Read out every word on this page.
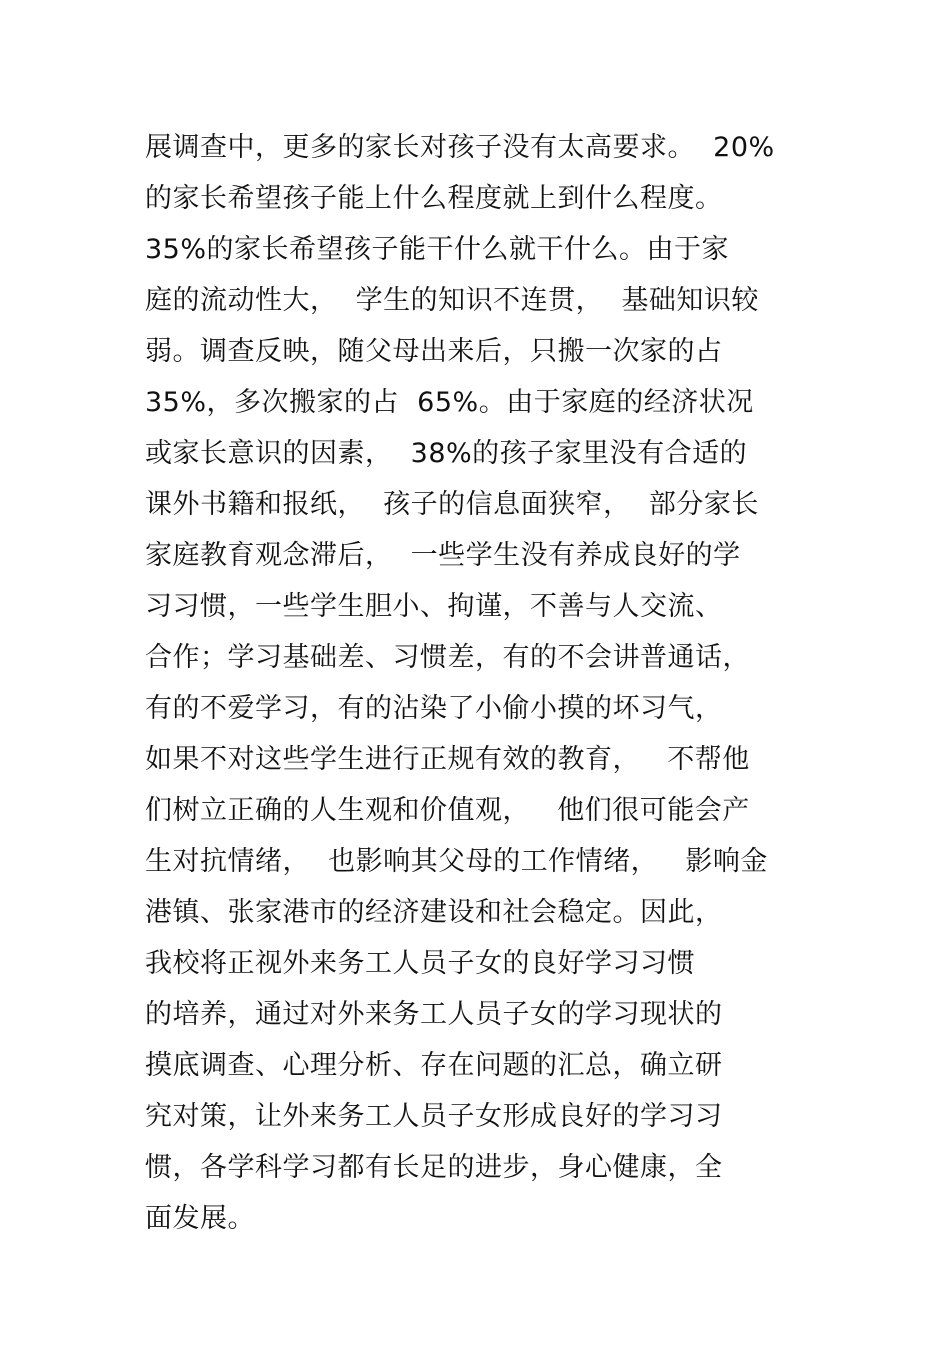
展调查中，更多的家长对孩子没有太高要求。  20%
的家长希望孩子能上什么程度就上到什么程度。
35%的家长希望孩子能干什么就干什么。由于家
庭的流动性大，  学生的知识不连贯，  基础知识较
弱。调查反映，随父母出来后，只搬一次家的占
35%，多次搬家的占  65%。由于家庭的经济状况
或家长意识的因素，  38%的孩子家里没有合适的
课外书籍和报纸，  孩子的信息面狭窄，  部分家长
家庭教育观念滞后，  一些学生没有养成良好的学
习习惯，一些学生胆小、拘谨，不善与人交流、
合作；学习基础差、习惯差，有的不会讲普通话，
有的不爱学习，有的沾染了小偷小摸的坏习气，
如果不对这些学生进行正规有效的教育，   不帮他
们树立正确的人生观和价值观，   他们很可能会产
生对抗情绪，  也影响其父母的工作情绪，   影响金
港镇、张家港市的经济建设和社会稳定。因此，
我校将正视外来务工人员子女的良好学习习惯
的培养，通过对外来务工人员子女的学习现状的
摸底调查、心理分析、存在问题的汇总，确立研
究对策，让外来务工人员子女形成良好的学习习
惯，各学科学习都有长足的进步，身心健康，全
面发展。
